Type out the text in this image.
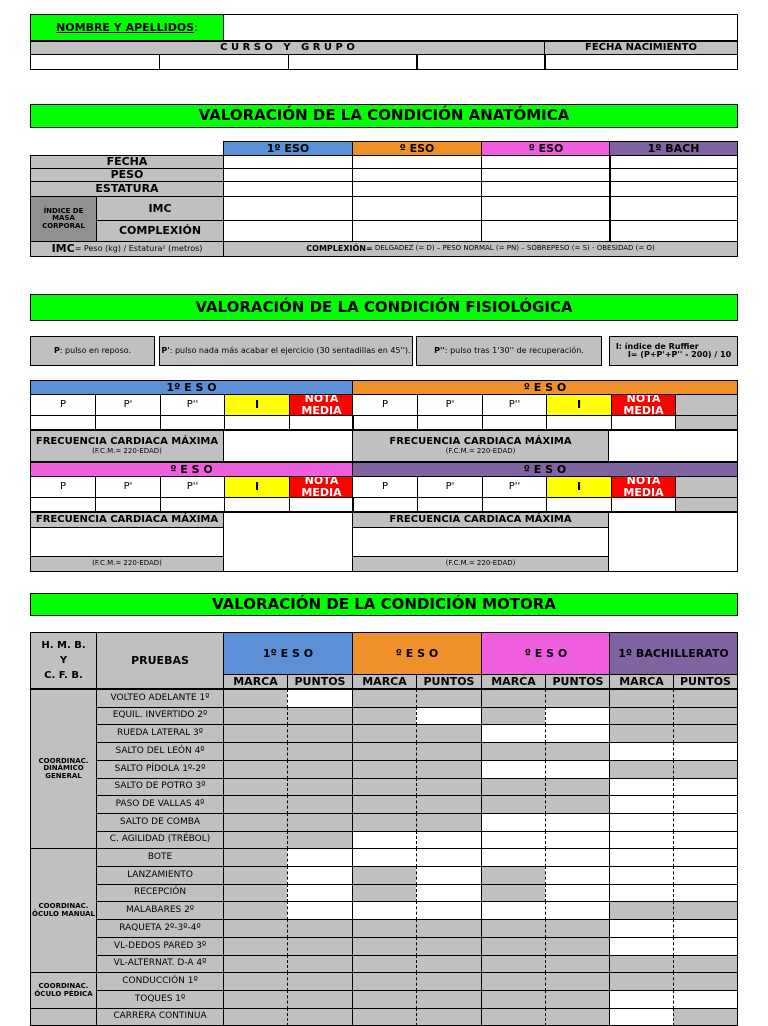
NOMBRE Y APELLIDOS :
C U R S O   Y   G R U P O	FECHA NACIMIENTO
VALORACIÓN DE LA CONDICIÓN ANATÓMICA
1º ESO	º ESO	º ESO	1º BACH
FECHA
PESO
ESTATURA
ÍNDICE DE MASA CORPORAL
IMC
COMPLEXIÓN
IMC = Peso (kg) / Estatura² (metros)	COMPLEXIÓN= DELGADEZ (= D) – PESO NORMAL (= PN) – SOBREPESO (= S) - OBESIDAD (= O)
VALORACIÓN DE LA CONDICIÓN FISIOLÓGICA
P : pulso en reposo.	P' : pulso nada más acabar el ejercicio (30 sentadillas en 45'').	P'' : pulso tras 1'30'' de recuperación.	I: índice de Ruffier
I= (P+P'+P'' - 200) / 10
1º E S O
P	P'	P''	I	NOTA MEDIA
º E S O
P	P'	P''	I	NOTA MEDIA
º E S O
P	P'	P''	I	NOTA MEDIA
º E S O
P	P'	P''	I	NOTA MEDIA
FRECUENCIA CARDIACA MÁXIMA
(F.C.M.= 220-EDAD)
FRECUENCIA CARDIACA MÁXIMA
(F.C.M.= 220-EDAD)
FRECUENCIA CARDIACA MÁXIMA	FRECUENCIA CARDIACA MÁXIMA
(F.C.M.= 220-EDAD)	(F.C.M.= 220-EDAD)
VALORACIÓN DE LA CONDICIÓN MOTORA
H. M. B.
Y
C. F. B.
PRUEBAS
1º E S O
MARCA	PUNTOS
º E S O
MARCA	PUNTOS
º E S O
MARCA	PUNTOS
1º BACHILLERATO
MARCA	PUNTOS
VOLTEO ADELANTE 1º
EQUIL. INVERTIDO 2º
RUEDA LATERAL 3º
SALTO DEL LEÓN 4º
SALTO PÍDOLA 1º-2º
SALTO DE POTRO 3º
PASO DE VALLAS 4º
SALTO DE COMBA
C. AGILIDAD (TRÉBOL)
COORDINAC. DINÁMICO GENERAL
BOTE
LANZAMIENTO
RECEPCIÓN
MALABARES 2º
RAQUETA 2º-3º-4º
VL-DEDOS PARED 3º
VL-ALTERNAT. D-A 4º
COORDINAC. ÓCULO MANUAL
CONDUCCIÓN 1º
TOQUES 1º
COORDINAC. ÓCULO PÉDICA
CARRERA CONTINUA
